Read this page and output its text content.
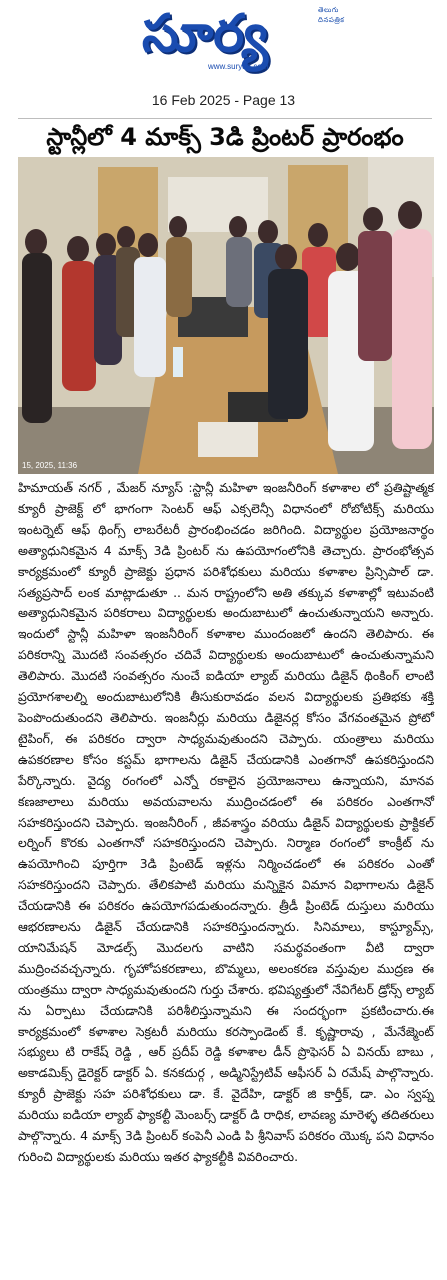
తెలుగు దినపత్రిక
సూర్య
www.suryaa.com
16 Feb 2025 - Page 13
స్టాన్లీలో 4 మాక్స్ 3డి ప్రింటర్ ప్రారంభం
15, 2025, 11:36
హిమాయత్ నగర్ , మేజర్ న్యూస్ :స్టాన్లీ మహిళా ఇంజనీరింగ్ కళాశాల లో ప్రతిష్టాత్మక క్యూరీ ప్రాజెక్ట్ లో భాగంగా సెంటర్ ఆఫ్ ఎక్సలెన్సీ విధానంలో రోబోటిక్స్ మరియు ఇంటర్నెట్ ఆఫ్ థింగ్స్ లాబరేటరీ ప్రారంభించడం జరిగింది. విద్యార్థుల ప్రయోజనార్థం అత్యాధునికమైన 4 మాక్స్ 3డి ప్రింటర్ ను ఉపయోగంలోనికి తెచ్చారు. ప్రారంభోత్సవ కార్యక్రమంలో క్యూరీ ప్రాజెక్టు ప్రధాన పరిశోధకులు మరియు కళాశాల ప్రిన్సిపాల్ డా. సత్యప్రసాద్ లంక మాట్లాడుతూ .. మన రాష్ట్రంలోని అతి తక్కువ కళాశాల్లో ఇటువంటి అత్యాధునికమైన పరికరాలు విద్యార్థులకు అందుబాటులో ఉంచుతున్నాయని అన్నారు. ఇందులో స్టాన్లీ మహిళా ఇంజనీరింగ్ కళాశాల ముందంజలో ఉందని తెలిపారు. ఈ పరికరాన్ని మొదటి సంవత్సరం చదివే విద్యార్థులకు అందుబాటులో ఉంచుతున్నామని తెలిపారు. మొదటి సంవత్సరం నుంచే ఐడియా ల్యాబ్ మరియు డిజైన్ థింకింగ్ లాంటి ప్రయోగశాలల్ని అందుబాటులోనికి తీసుకురావడం వలన విద్యార్థులకు ప్రతిభకు శక్తి పెంపొందుతుందని తెలిపారు. ఇంజనీర్లు మరియు డిజైనర్ల కోసం వేగవంతమైన ప్రోటో టైపింగ్, ఈ పరికరం ద్వారా సాధ్యమవుతుందని చెప్పారు. యంత్రాలు మరియు ఉపకరణాల కోసం కస్టమ్ భాగాలను డిజైన్ చేయడానికి ఎంతగానో ఉపకరిస్తుందని పేర్కొన్నారు. వైద్య రంగంలో ఎన్నో రకాలైన ప్రయోజనాలు ఉన్నాయని, మానవ కణజాలాలు మరియు అవయవాలను ముద్రించడంలో ఈ పరికరం ఎంతగానో సహకరిస్తుందని చెప్పారు. ఇంజనీరింగ్ , జీవశాస్త్రం వరియు డిజైన్ విద్యార్థులకు ప్రాక్టికల్ లర్నింగ్ కొరకు ఎంతగానో సహకరిస్తుందని చెప్పారు. నిర్మాణ రంగంలో కాంక్రీట్ ను ఉపయోగించి పూర్తిగా 3డి ప్రింటెడ్ ఇళ్లను నిర్మించడంలో ఈ పరికరం ఎంతో సహకరిస్తుందని చెప్పారు. తేలికపాటి మరియు మన్నికైన విమాన విభాగాలను డిజైన్ చేయడానికి ఈ పరికరం ఉపయోగపడుతుందన్నారు. త్రీడీ ప్రింటెడ్ దుస్తులు మరియు ఆభరణాలను డిజైన్ చేయడానికి సహకరిస్తుందన్నారు. సినిమాలు, కాస్ట్యూమ్స్, యానిమేషన్ మోడల్స్ మొదలగు వాటిని సమర్థవంతంగా వీటి ద్వారా ముద్రించవచ్చన్నారు. గృహోపకరణాలు, బొమ్మలు, అలంకరణ వస్తువుల ముద్రణ ఈ యంత్రము ద్వారా సాధ్యమవుతుందని గుర్తు చేశారు. భవిష్యత్తులో నేవిగేటర్ డ్రోన్స్ ల్యాబ్ ను ఏర్పాటు చేయడానికి పరిశీలిస్తున్నామని ఈ సందర్భంగా ప్రకటించారు.ఈ కార్యక్రమంలో కళాశాల సెక్రటరీ మరియు కరస్పాండెంట్ కే. కృష్ణారావు , మేనేజ్మెంట్ సభ్యులు టి రాకేష్ రెడ్డి , ఆర్ ప్రదీప్ రెడ్డి కళాశాల డీన్ ప్రొఫెసర్ ఏ వినయ్ బాబు , అకాడమిక్స్ డైరెక్టర్ డాక్టర్ ఏ. కనకదుర్గ , అడ్మినిస్ట్రేటివ్ ఆఫీసర్ ఏ రమేష్ పాల్గొన్నారు. క్యూరీ ప్రాజెక్టు సహ పరిశోధకులు డా. కే. వైదేహి, డాక్టర్ జి కార్తీక్, డా. ఎం స్వప్న మరియు ఐడియా ల్యాబ్ ఫ్యాకల్టీ మెంబర్స్ డాక్టర్ డి రాధిక, లావణ్య మారెళ్ళ తదితరులు పాల్గొన్నారు. 4 మాక్స్ 3డి ప్రింటర్ కంపెనీ ఎండి పి శ్రీనివాస్ పరికరం యొక్క పని విధానం గురించి విద్యార్థులకు మరియు ఇతర ఫ్యాకల్టీకి వివరించారు.
